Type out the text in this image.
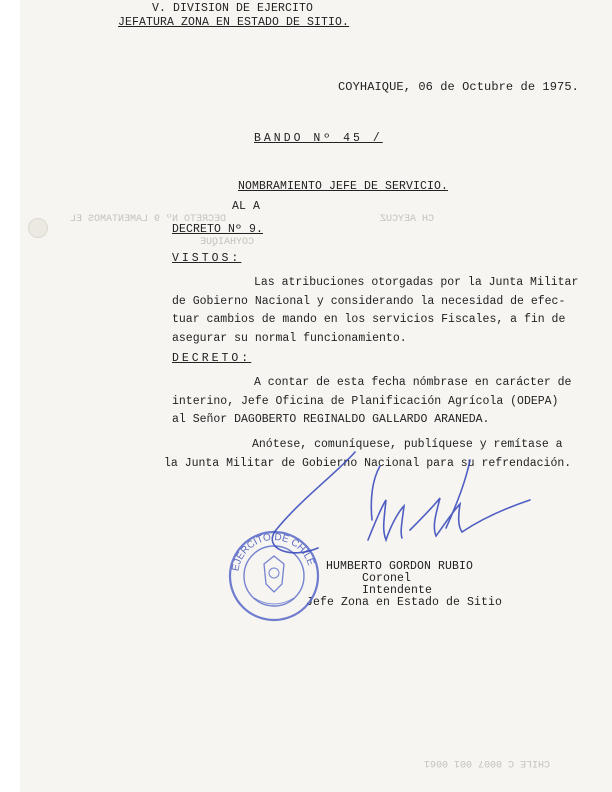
V. DIVISION DE EJERCITO
JEFATURA ZONA EN ESTADO DE SITIO.
COYHAIQUE, 06 de Octubre de 1975.
BANDO Nº 45 /
NOMBRAMIENTO JEFE DE SERVICIO.
AL A
DECRETO Nº 9.
DECRETO Nº 9 LAMENTAMOS EL	CH AEYCUZ
COYHAIQUE
CHILE C 0007 001 0061
VISTOS:
Las atribuciones otorgadas por la Junta Militar
de Gobierno Nacional y considerando la necesidad de efec-
tuar cambios de mando en los servicios Fiscales, a fin de
asegurar su normal funcionamiento.
DECRETO:
A contar de esta fecha nómbrase en carácter de
interino, Jefe Oficina de Planificación Agrícola (ODEPA)
al Señor DAGOBERTO REGINALDO GALLARDO ARANEDA.
Anótese, comuníquese, publíquese y remítase a
la Junta Militar de Gobierno Nacional para su refrendación.
HUMBERTO GORDON RUBIO
Coronel
Intendente
Jefe Zona en Estado de Sitio
EJERCITO DE CHILE
